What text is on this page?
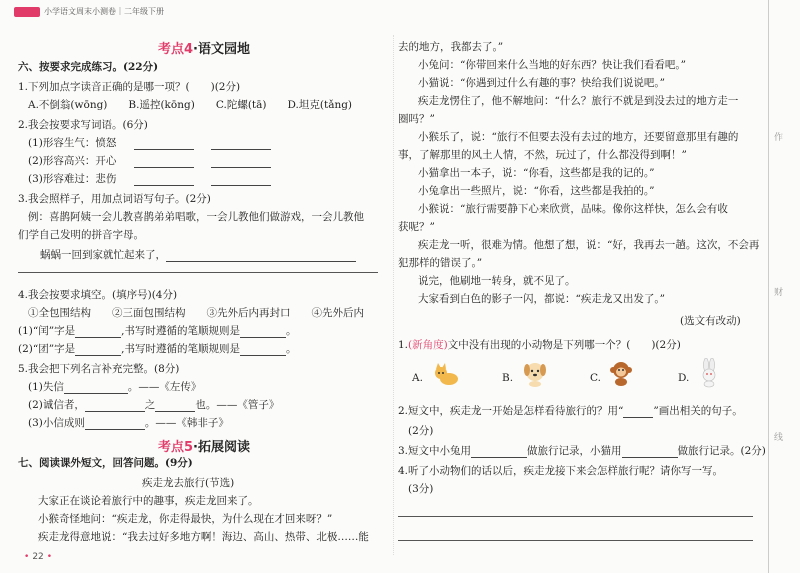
小学语文周末小测卷｜二年级下册
考点4·语文园地
六、按要求完成练习。(22分)
1.下列加点字读音正确的是哪一项？(　　)(2分)
A.不倒翁(wōng)　　B.遥控(kōng)　　C.陀螺(tā)　　D.坦克(tǎng)
2.我会按要求写词语。(6分)
(1)形容生气：愤怒
(2)形容高兴：开心
(3)形容难过：悲伤
3.我会照样子，用加点词语写句子。(2分)
例：喜鹊阿姨一会儿教喜鹊弟弟唱歌，一会儿教他们做游戏，一会儿教他
们学自己发明的拼音字母。
蜗蜗一回到家就忙起来了，
4.我会按要求填空。(填序号)(4分)
①全包围结构　　②三面包围结构　　③先外后内再封口　　④先外后内
(1)“闰”字是	,书写时遵循的笔顺规则是	。
(2)“团”字是	,书写时遵循的笔顺规则是	。
5.我会把下列名言补充完整。(8分)
(1)失信	。——《左传》
(2)诚信者，	之	也。——《管子》
(3)小信成则	。——《韩非子》
考点5·拓展阅读
七、阅读课外短文，回答问题。(9分)
疾走龙去旅行(节选)
大家正在谈论着旅行中的趣事，疾走龙回来了。
小猴奇怪地问：“疾走龙，你走得最快，为什么现在才回来呀？”
疾走龙得意地说：“我去过好多地方啊！海边、高山、热带、北极……能
去的地方，我都去了。”
小兔问：“你带回来什么当地的好东西？快让我们看看吧。”
小猫说：“你遇到过什么有趣的事？快给我们说说吧。”
疾走龙愣住了，他不解地问：“什么？旅行不就是到没去过的地方走一
圈吗？”
小猴乐了，说：“旅行不但要去没有去过的地方，还要留意那里有趣的
事，了解那里的风土人情，不然，玩过了，什么都没得到啊！”
小猫拿出一本子，说：“你看，这些都是我的记的。”
小兔拿出一些照片，说：“你看，这些都是我拍的。”
小猴说：“旅行需要静下心来欣赏，品味。像你这样快，怎么会有收
获呢？”
疾走龙一听，很难为情。他想了想，说：“好，我再去一趟。这次，不会再
犯那样的错误了。”
说完，他刷地一转身，就不见了。
大家看到白色的影子一闪，都说：“疾走龙又出发了。”
(选文有改动)
1.(新角度)文中没有出现的小动物是下列哪一个？(　　)(2分)
A.	B.	C.	D.
2.短文中，疾走龙一开始是怎样看待旅行的？用“	”画出相关的句子。
(2分)
3.短文中小兔用	做旅行记录，小猫用	做旅行记录。(2分)
4.听了小动物们的话以后，疾走龙接下来会怎样旅行呢？请你写一写。
(3分)
作
财
线
• 22 •
